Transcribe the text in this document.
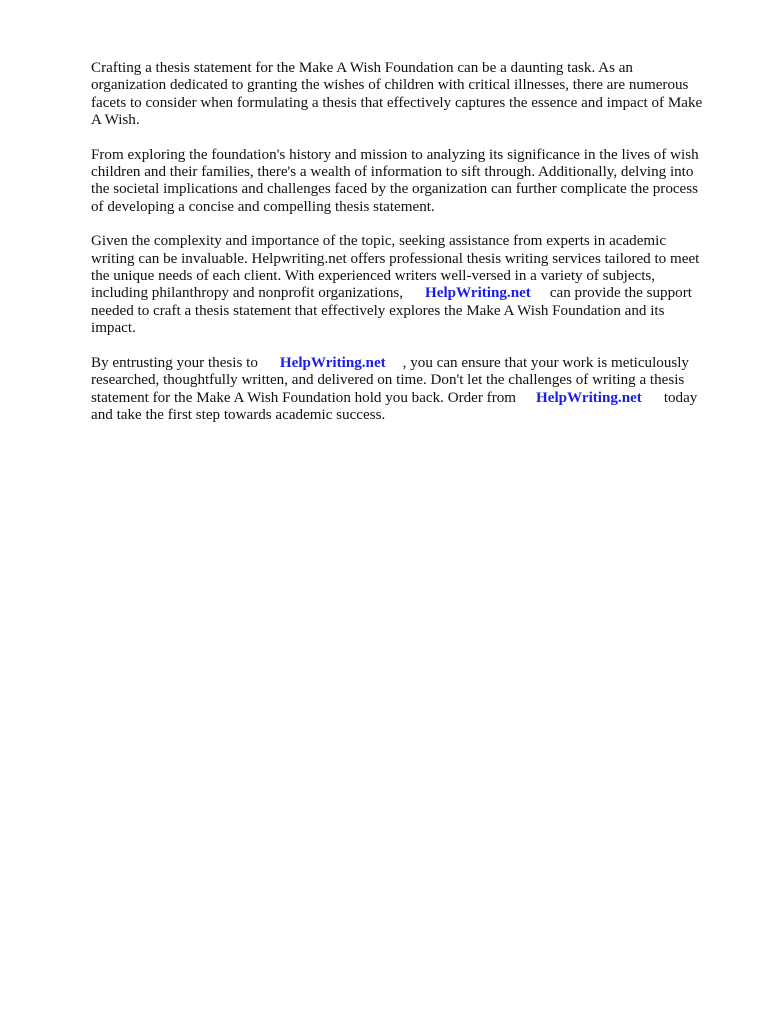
Crafting a thesis statement for the Make A Wish Foundation can be a daunting task. As an
organization dedicated to granting the wishes of children with critical illnesses, there are numerous
facets to consider when formulating a thesis that effectively captures the essence and impact of Make
A Wish.

From exploring the foundation's history and mission to analyzing its significance in the lives of wish
children and their families, there's a wealth of information to sift through. Additionally, delving into
the societal implications and challenges faced by the organization can further complicate the process
of developing a concise and compelling thesis statement.

Given the complexity and importance of the topic, seeking assistance from experts in academic
writing can be invaluable. Helpwriting.net offers professional thesis writing services tailored to meet
the unique needs of each client. With experienced writers well-versed in a variety of subjects,
including philanthropy and nonprofit organizations, HelpWriting.net can provide the support
needed to craft a thesis statement that effectively explores the Make A Wish Foundation and its
impact.

By entrusting your thesis to HelpWriting.net , you can ensure that your work is meticulously
researched, thoughtfully written, and delivered on time. Don't let the challenges of writing a thesis
statement for the Make A Wish Foundation hold you back. Order from HelpWriting.net today
and take the first step towards academic success.
